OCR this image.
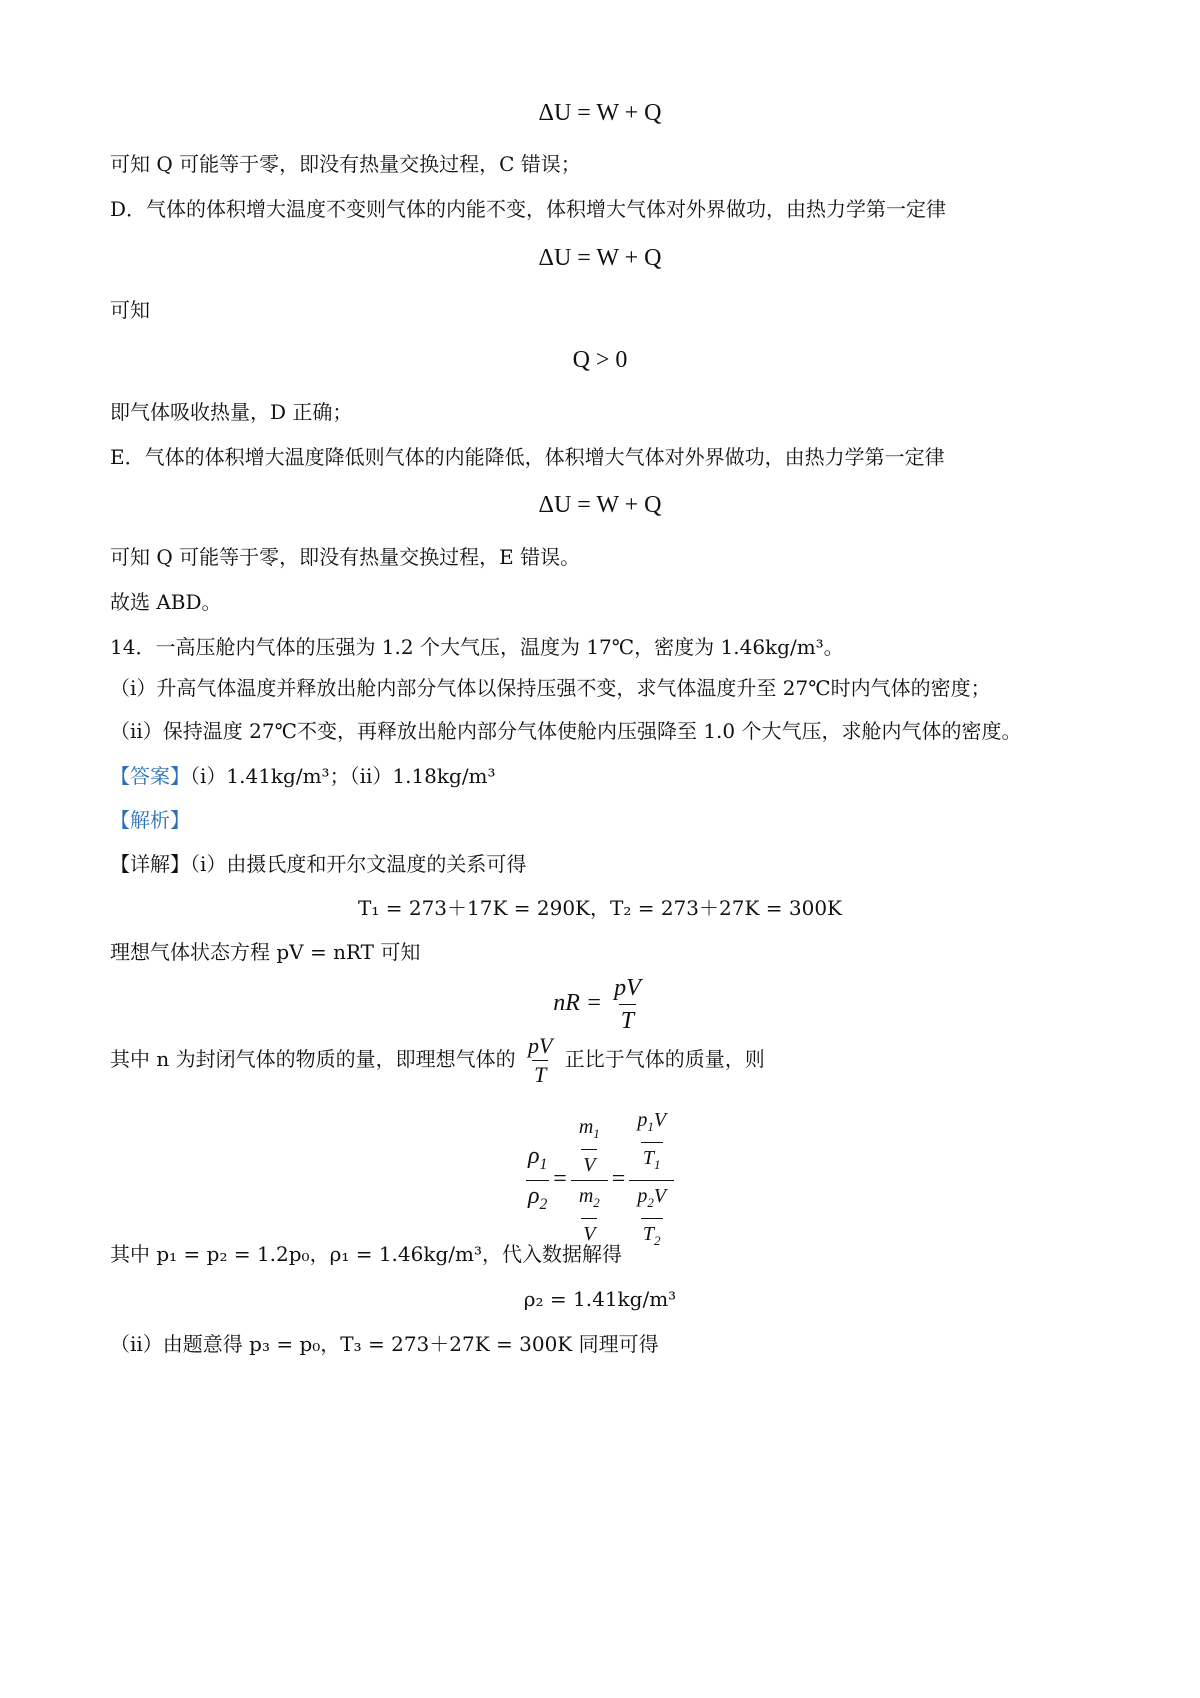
ΔU = W + Q
可知 Q 可能等于零，即没有热量交换过程，C 错误；
D．气体的体积增大温度不变则气体的内能不变，体积增大气体对外界做功，由热力学第一定律
ΔU = W + Q
可知
Q > 0
即气体吸收热量，D 正确；
E．气体的体积增大温度降低则气体的内能降低，体积增大气体对外界做功，由热力学第一定律
ΔU = W + Q
可知 Q 可能等于零，即没有热量交换过程，E 错误。
故选 ABD。
14．一高压舱内气体的压强为 1.2 个大气压，温度为 17℃，密度为 1.46kg/m³。
（i）升高气体温度并释放出舱内部分气体以保持压强不变，求气体温度升至 27℃时内气体的密度；
（ii）保持温度 27℃不变，再释放出舱内部分气体使舱内压强降至 1.0 个大气压，求舱内气体的密度。
【答案】（i）1.41kg/m³；（ii）1.18kg/m³
【解析】
【详解】（i）由摄氏度和开尔文温度的关系可得
T₁ = 273＋17K = 290K，T₂ = 273＋27K = 300K
理想气体状态方程 pV = nRT 可知
nR = $\frac{pV}{T}$
其中 n 为封闭气体的物质的量，即理想气体的 $\frac{pV}{T}$ 正比于气体的质量，则
$\frac{\rho_1}{\rho_2} = \frac{\frac{m_1}{V}}{\frac{m_2}{V}} = \frac{\frac{p_1V}{T_1}}{\frac{p_2V}{T_2}}$
其中 p₁ = p₂ = 1.2p₀，ρ₁ = 1.46kg/m³，代入数据解得
ρ₂ = 1.41kg/m³
（ii）由题意得 p₃ = p₀，T₃ = 273＋27K = 300K 同理可得
